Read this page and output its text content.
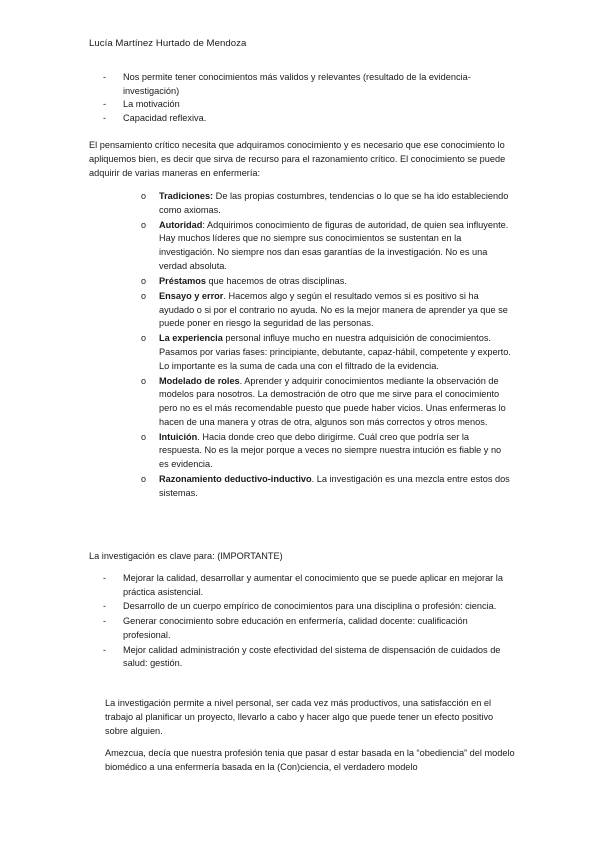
Lucía Martínez Hurtado de Mendoza
- Nos permite tener conocimientos más validos y relevantes (resultado de la evidencia-investigación)
- La motivación
- Capacidad reflexiva.
El pensamiento crítico necesita que adquiramos conocimiento y es necesario que ese conocimiento lo apliquemos bien, es decir que sirva de recurso para el razonamiento crítico. El conocimiento se puede adquirir de varias maneras en enfermería:
o Tradiciones: De las propias costumbres, tendencias o lo que se ha ido estableciendo como axiomas.
o Autoridad: Adquirimos conocimiento de figuras de autoridad, de quien sea influyente. Hay muchos líderes que no siempre sus conocimientos se sustentan en la investigación. No siempre nos dan esas garantías de la investigación. No es una verdad absoluta.
o Préstamos que hacemos de otras disciplinas.
o Ensayo y error. Hacemos algo y según el resultado vemos si es positivo si ha ayudado o si por el contrario no ayuda. No es la mejor manera de aprender ya que se puede poner en riesgo la seguridad de las personas.
o La experiencia personal influye mucho en nuestra adquisición de conocimientos. Pasamos por varias fases: principiante, debutante, capaz-hábil, competente y experto. Lo importante es la suma de cada una con el filtrado de la evidencia.
o Modelado de roles. Aprender y adquirir conocimientos mediante la observación de modelos para nosotros. La demostración de otro que me sirve para el conocimiento pero no es el más recomendable puesto que puede haber vicios. Unas enfermeras lo hacen de una manera y otras de otra, algunos son más correctos y otros menos.
o Intuición. Hacia donde creo que debo dirigirme. Cuál creo que podría ser la respuesta. No es la mejor porque a veces no siempre nuestra intución es fiable y no es evidencia.
o Razonamiento deductivo-inductivo. La investigación es una mezcla entre estos dos sistemas.
La investigación es clave para: (IMPORTANTE)
- Mejorar la calidad, desarrollar y aumentar el conocimiento que se puede aplicar en mejorar la práctica asistencial.
- Desarrollo de un cuerpo empírico de conocimientos para una disciplina o profesión: ciencia.
- Generar conocimiento sobre educación en enfermería, calidad docente: cualificación profesional.
- Mejor calidad administración y coste efectividad del sistema de dispensación de cuidados de salud: gestión.
La investigación permite a nivel personal, ser cada vez más productivos, una satisfacción en el trabajo al planificar un proyecto, llevarlo a cabo y hacer algo que puede tener un efecto positivo sobre alguien.
Amezcua, decía que nuestra profesión tenia que pasar d estar basada en la “obediencia” del modelo biomédico a una enfermería basada en la (Con)ciencia, el verdadero modelo
